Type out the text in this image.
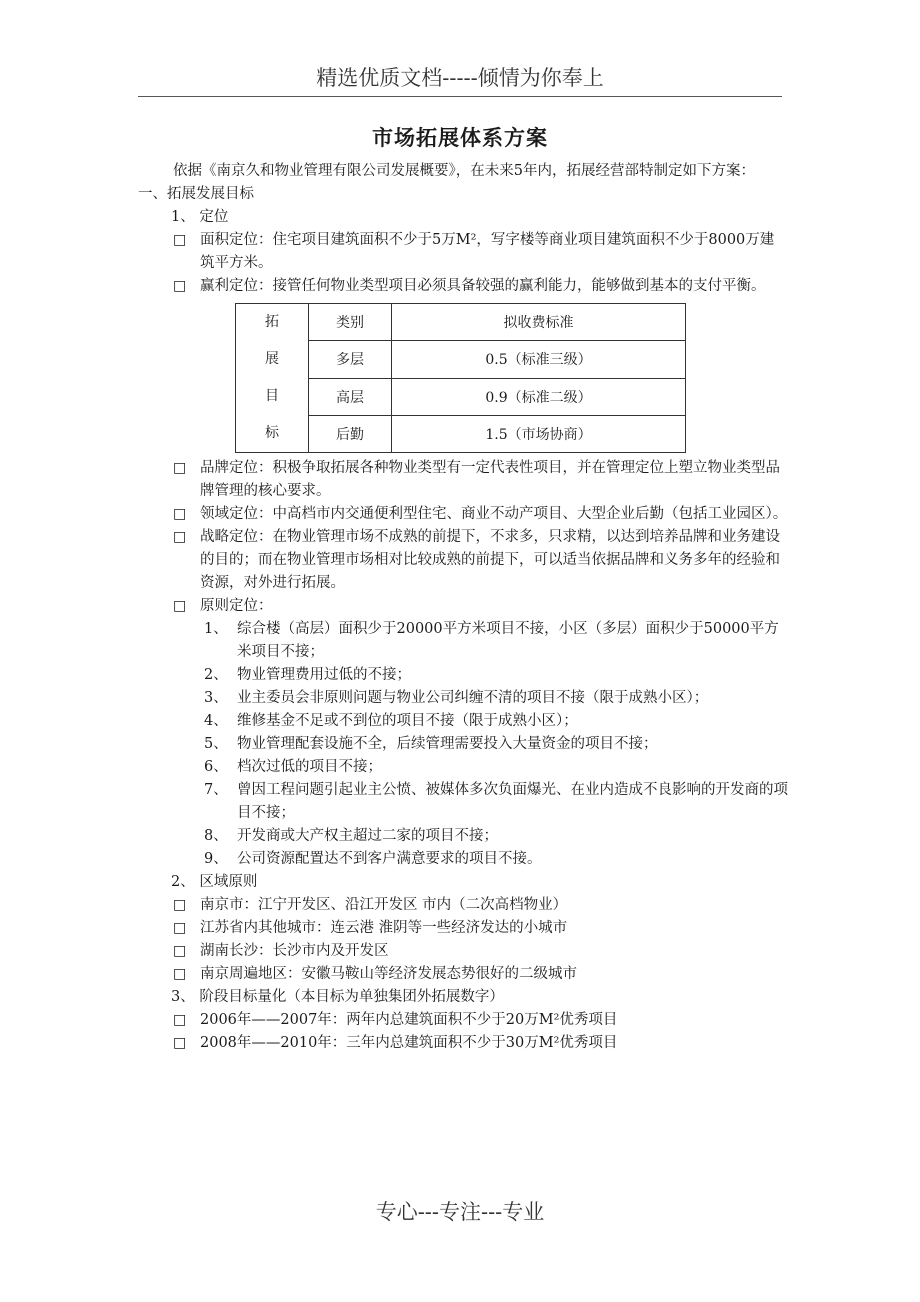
精选优质文档-----倾情为你奉上
市场拓展体系方案
依据《南京久和物业管理有限公司发展概要》，在未来5年内，拓展经营部特制定如下方案：
一、拓展发展目标
1、 定位
□ 面积定位：住宅项目建筑面积不少于5万M²，写字楼等商业项目建筑面积不少于8000万建筑平方米。
□ 赢利定位：接管任何物业类型项目必须具备较强的赢利能力，能够做到基本的支付平衡。
拓
展
目
标	类别	拟收费标准
	多层	0.5（标准三级）
	高层	0.9（标准二级）
	后勤	1.5（市场协商）
□ 品牌定位：积极争取拓展各种物业类型有一定代表性项目，并在管理定位上塑立物业类型品牌管理的核心要求。
□ 领域定位：中高档市内交通便利型住宅、商业不动产项目、大型企业后勤（包括工业园区）。
□ 战略定位：在物业管理市场不成熟的前提下，不求多，只求精，以达到培养品牌和业务建设的目的；而在物业管理市场相对比较成熟的前提下，可以适当依据品牌和义务多年的经验和资源，对外进行拓展。
□ 原则定位：
1、 综合楼（高层）面积少于20000平方米项目不接，小区（多层）面积少于50000平方米项目不接；
2、 物业管理费用过低的不接；
3、 业主委员会非原则问题与物业公司纠缠不清的项目不接（限于成熟小区）；
4、 维修基金不足或不到位的项目不接（限于成熟小区）；
5、 物业管理配套设施不全，后续管理需要投入大量资金的项目不接；
6、 档次过低的项目不接；
7、 曾因工程问题引起业主公愤、被媒体多次负面爆光、在业内造成不良影响的开发商的项目不接；
8、 开发商或大产权主超过二家的项目不接；
9、 公司资源配置达不到客户满意要求的项目不接。
2、 区域原则
□ 南京市：江宁开发区、沿江开发区 市内（二次高档物业）
□ 江苏省内其他城市：连云港 淮阴等一些经济发达的小城市
□ 湖南长沙：长沙市内及开发区
□ 南京周遍地区：安徽马鞍山等经济发展态势很好的二级城市
3、 阶段目标量化（本目标为单独集团外拓展数字）
□ 2006年——2007年：两年内总建筑面积不少于20万M²优秀项目
□ 2008年——2010年：三年内总建筑面积不少于30万M²优秀项目
专心---专注---专业
